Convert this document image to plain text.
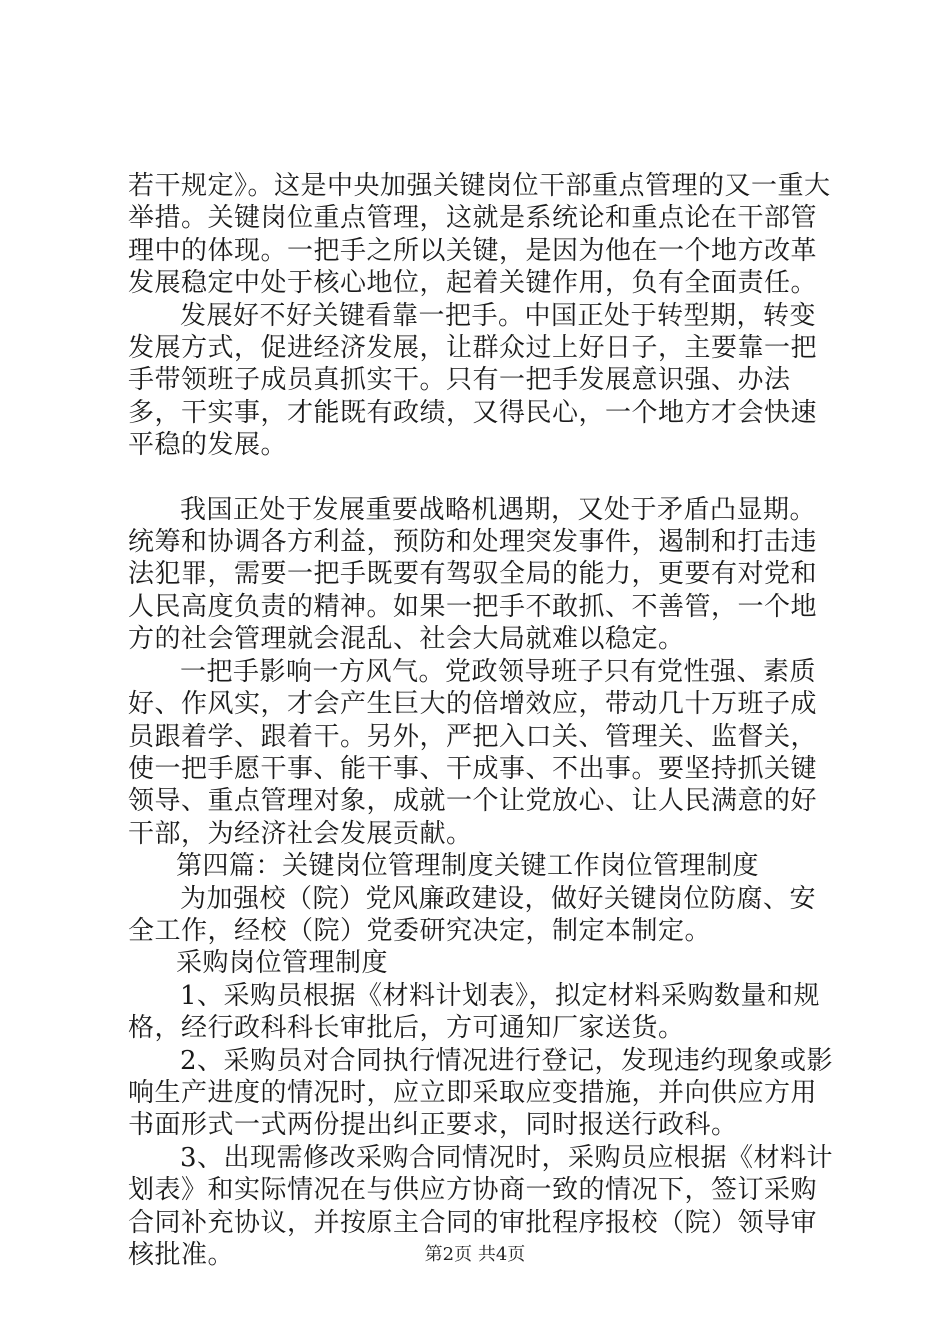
若干规定》。这是中央加强关键岗位干部重点管理的又一重大举措。关键岗位重点管理，这就是系统论和重点论在干部管理中的体现。一把手之所以关键，是因为他在一个地方改革发展稳定中处于核心地位，起着关键作用，负有全面责任。

发展好不好关键看靠一把手。中国正处于转型期，转变发展方式，促进经济发展，让群众过上好日子，主要靠一把手带领班子成员真抓实干。只有一把手发展意识强、办法多，干实事，才能既有政绩，又得民心，一个地方才会快速平稳的发展。

我国正处于发展重要战略机遇期，又处于矛盾凸显期。统筹和协调各方利益，预防和处理突发事件，遏制和打击违法犯罪，需要一把手既要有驾驭全局的能力，更要有对党和人民高度负责的精神。如果一把手不敢抓、不善管，一个地方的社会管理就会混乱、社会大局就难以稳定。

一把手影响一方风气。党政领导班子只有党性强、素质好、作风实，才会产生巨大的倍增效应，带动几十万班子成员跟着学、跟着干。另外，严把入口关、管理关、监督关，使一把手愿干事、能干事、干成事、不出事。要坚持抓关键领导、重点管理对象，成就一个让党放心、让人民满意的好干部，为经济社会发展贡献。

第四篇：关键岗位管理制度关键工作岗位管理制度

为加强校（院）党风廉政建设，做好关键岗位防腐、安全工作，经校（院）党委研究决定，制定本制定。

采购岗位管理制度

1、采购员根据《材料计划表》，拟定材料采购数量和规格，经行政科科长审批后，方可通知厂家送货。

2、采购员对合同执行情况进行登记，发现违约现象或影响生产进度的情况时，应立即采取应变措施，并向供应方用书面形式一式两份提出纠正要求，同时报送行政科。

3、出现需修改采购合同情况时，采购员应根据《材料计划表》和实际情况在与供应方协商一致的情况下，签订采购合同补充协议，并按原主合同的审批程序报校（院）领导审核批准。	第2页 共4页
